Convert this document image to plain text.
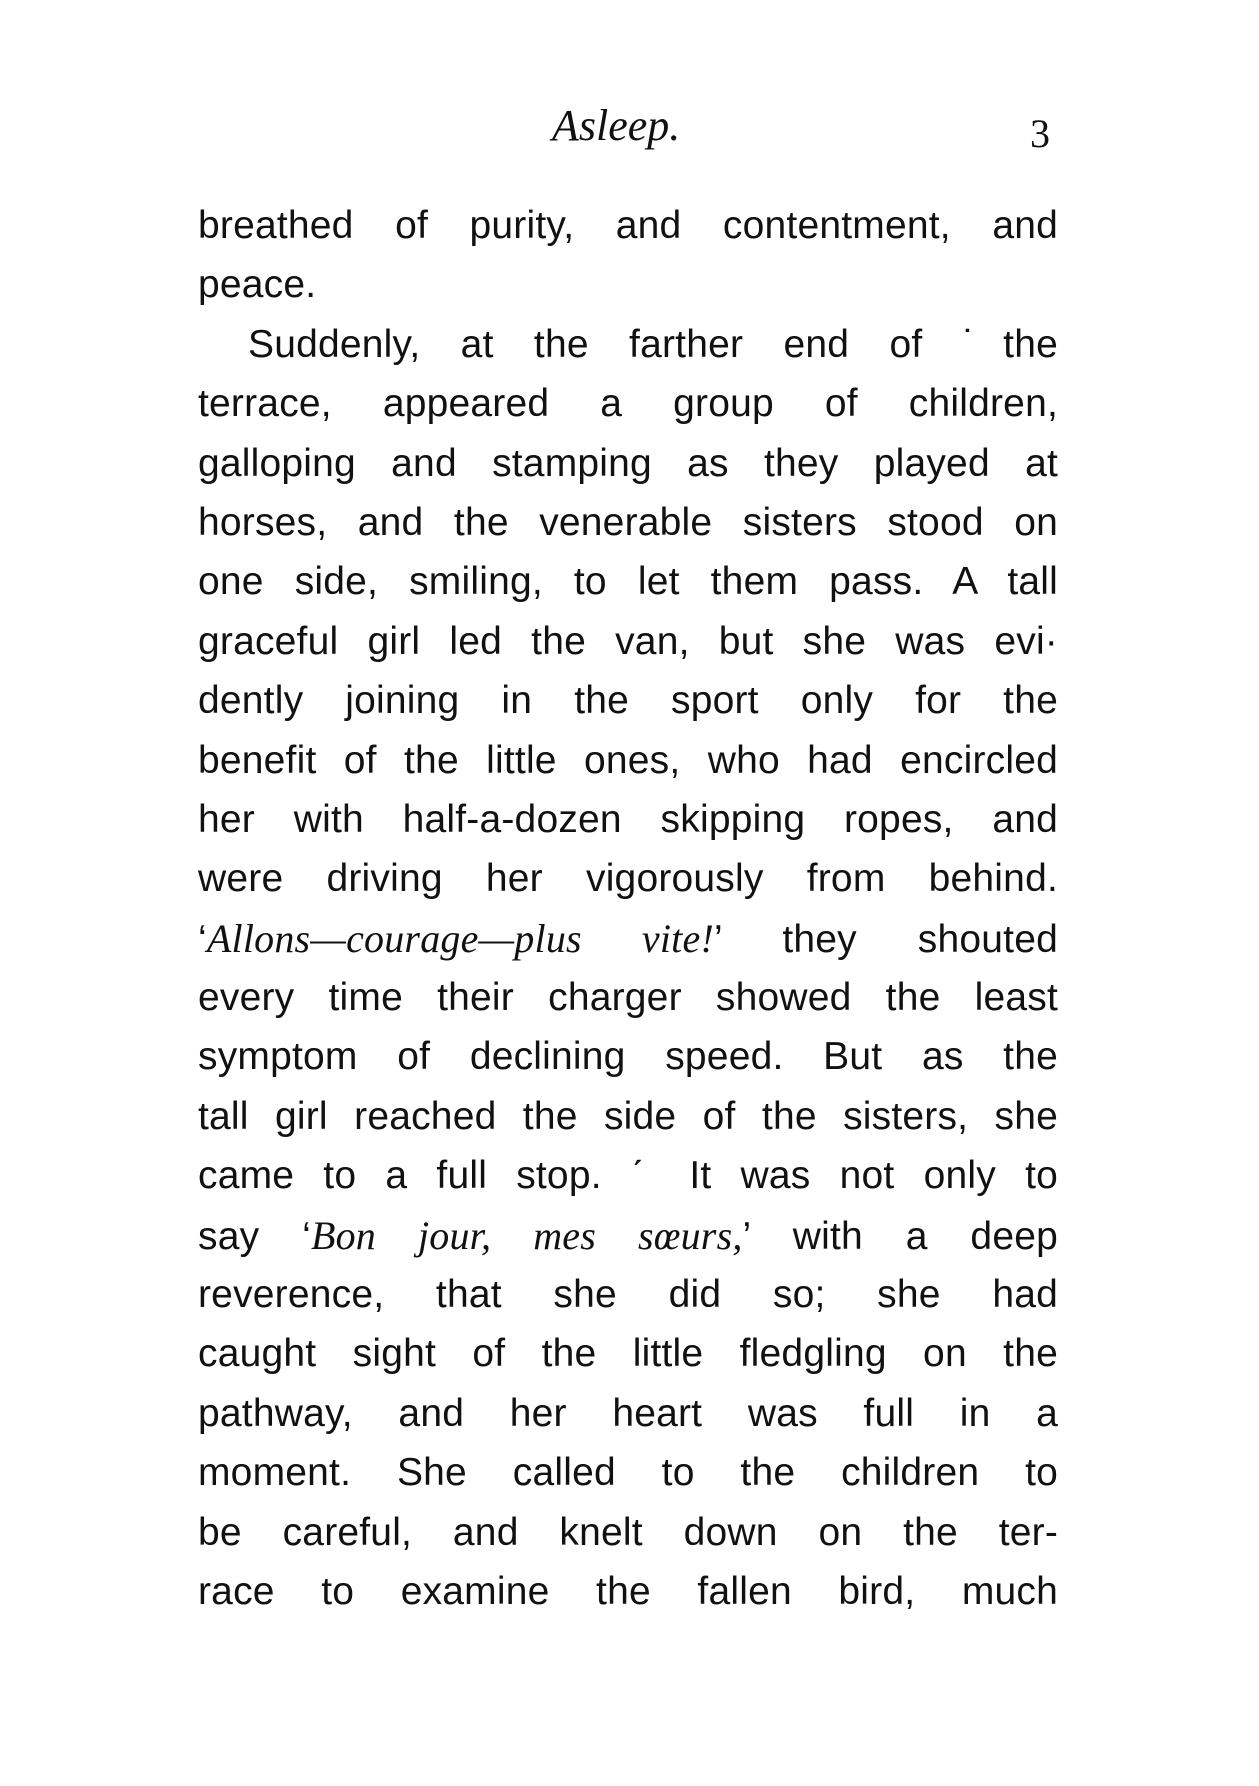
Asleep.	3
breathed of purity, and contentment, and
peace.
Suddenly, at the farther end of ˙the
terrace, appeared a group of children,
galloping and stamping as they played at
horses, and the venerable sisters stood on
one side, smiling, to let them pass. A tall
graceful girl led the van, but she was evi·
dently joining in the sport only for the
benefit of the little ones, who had encircled
her with half-a-dozen skipping ropes, and
were driving her vigorously from behind.
‘Allons—courage—plus vite!’ they shouted
every time their charger showed the least
symptom of declining speed. But as the
tall girl reached the side of the sisters, she
came to a full stop. ˊ It was not only to
say ‘Bon jour, mes sœurs,’ with a deep
reverence, that she did so; she had
caught sight of the little fledgling on the
pathway, and her heart was full in a
moment. She called to the children to
be careful, and knelt down on the ter-
race to examine the fallen bird, much
